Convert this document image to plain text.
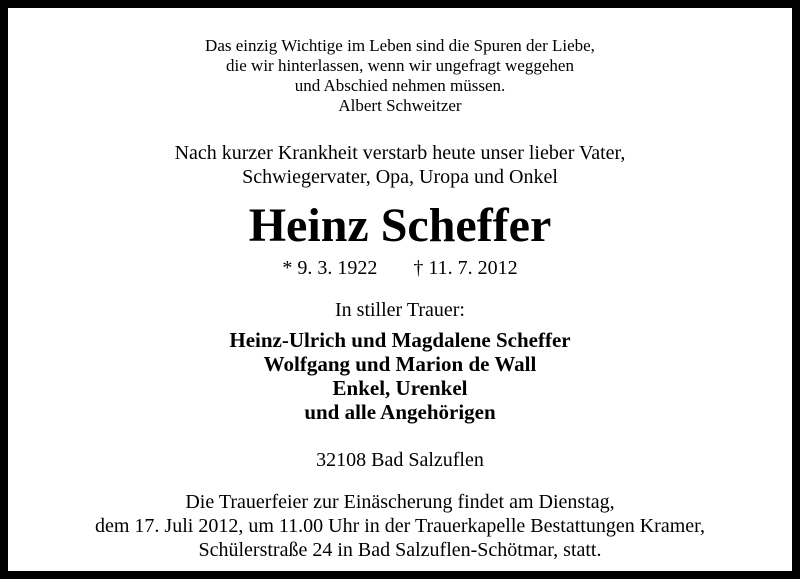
Das einzig Wichtige im Leben sind die Spuren der Liebe,
die wir hinterlassen, wenn wir ungefragt weggehen
und Abschied nehmen müssen.
Albert Schweitzer
Nach kurzer Krankheit verstarb heute unser lieber Vater,
Schwiegervater, Opa, Uropa und Onkel
Heinz Scheffer
* 9. 3. 1922 † 11. 7. 2012
In stiller Trauer:
Heinz-Ulrich und Magdalene Scheffer
Wolfgang und Marion de Wall
Enkel, Urenkel
und alle Angehörigen
32108 Bad Salzuflen
Die Trauerfeier zur Einäscherung findet am Dienstag,
dem 17. Juli 2012, um 11.00 Uhr in der Trauerkapelle Bestattungen Kramer,
Schülerstraße 24 in Bad Salzuflen-Schötmar, statt.
